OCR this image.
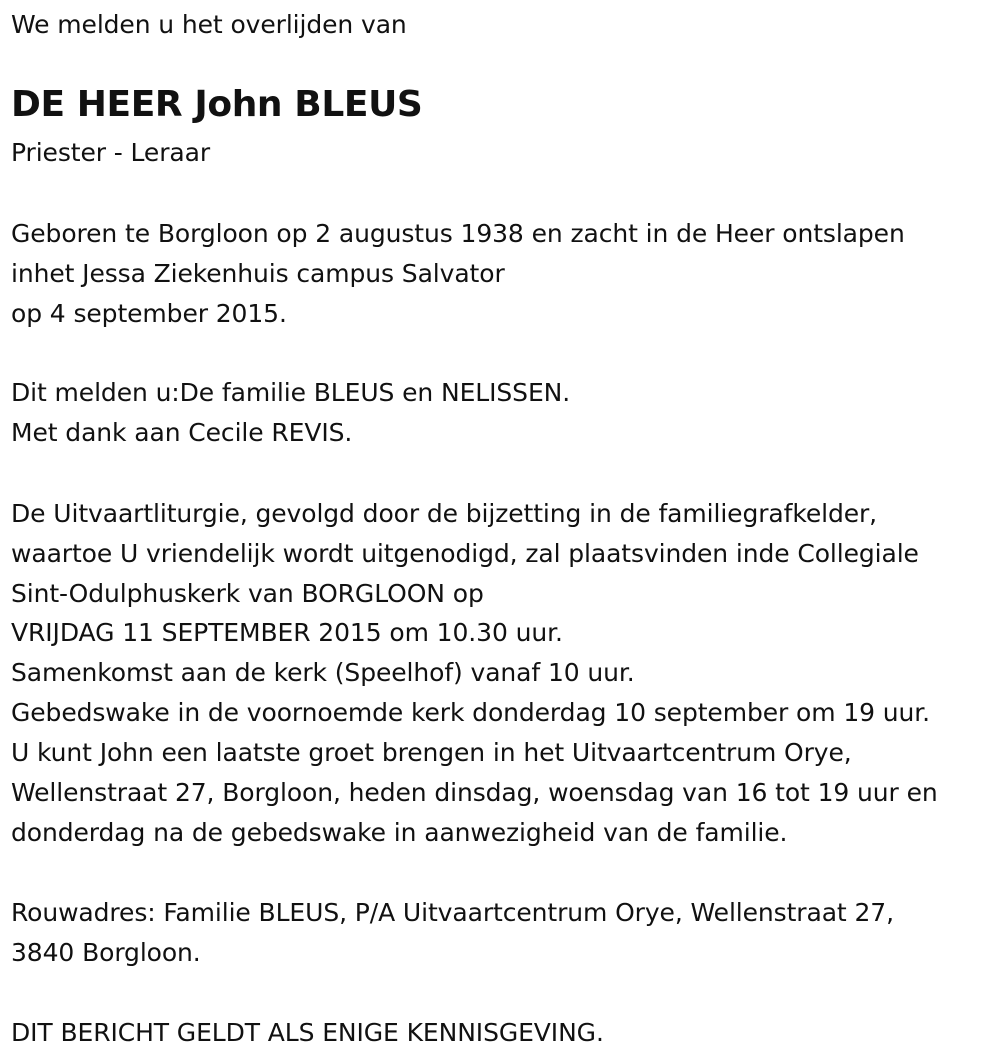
We melden u het overlijden van
DE HEER John BLEUS
Priester - Leraar
Geboren te Borgloon op 2 augustus 1938 en zacht in de Heer ontslapen
inhet Jessa Ziekenhuis campus Salvator
op 4 september 2015.
Dit melden u:De familie BLEUS en NELISSEN.
Met dank aan Cecile REVIS.
De Uitvaartliturgie, gevolgd door de bijzetting in de familiegrafkelder,
waartoe U vriendelijk wordt uitgenodigd, zal plaatsvinden inde Collegiale
Sint-Odulphuskerk van BORGLOON op
VRIJDAG 11 SEPTEMBER 2015 om 10.30 uur.
Samenkomst aan de kerk (Speelhof) vanaf 10 uur.
Gebedswake in de voornoemde kerk donderdag 10 september om 19 uur.
U kunt John een laatste groet brengen in het Uitvaartcentrum Orye,
Wellenstraat 27, Borgloon, heden dinsdag, woensdag van 16 tot 19 uur en
donderdag na de gebedswake in aanwezigheid van de familie.
Rouwadres: Familie BLEUS, P/A Uitvaartcentrum Orye, Wellenstraat 27,
3840 Borgloon.
DIT BERICHT GELDT ALS ENIGE KENNISGEVING.
